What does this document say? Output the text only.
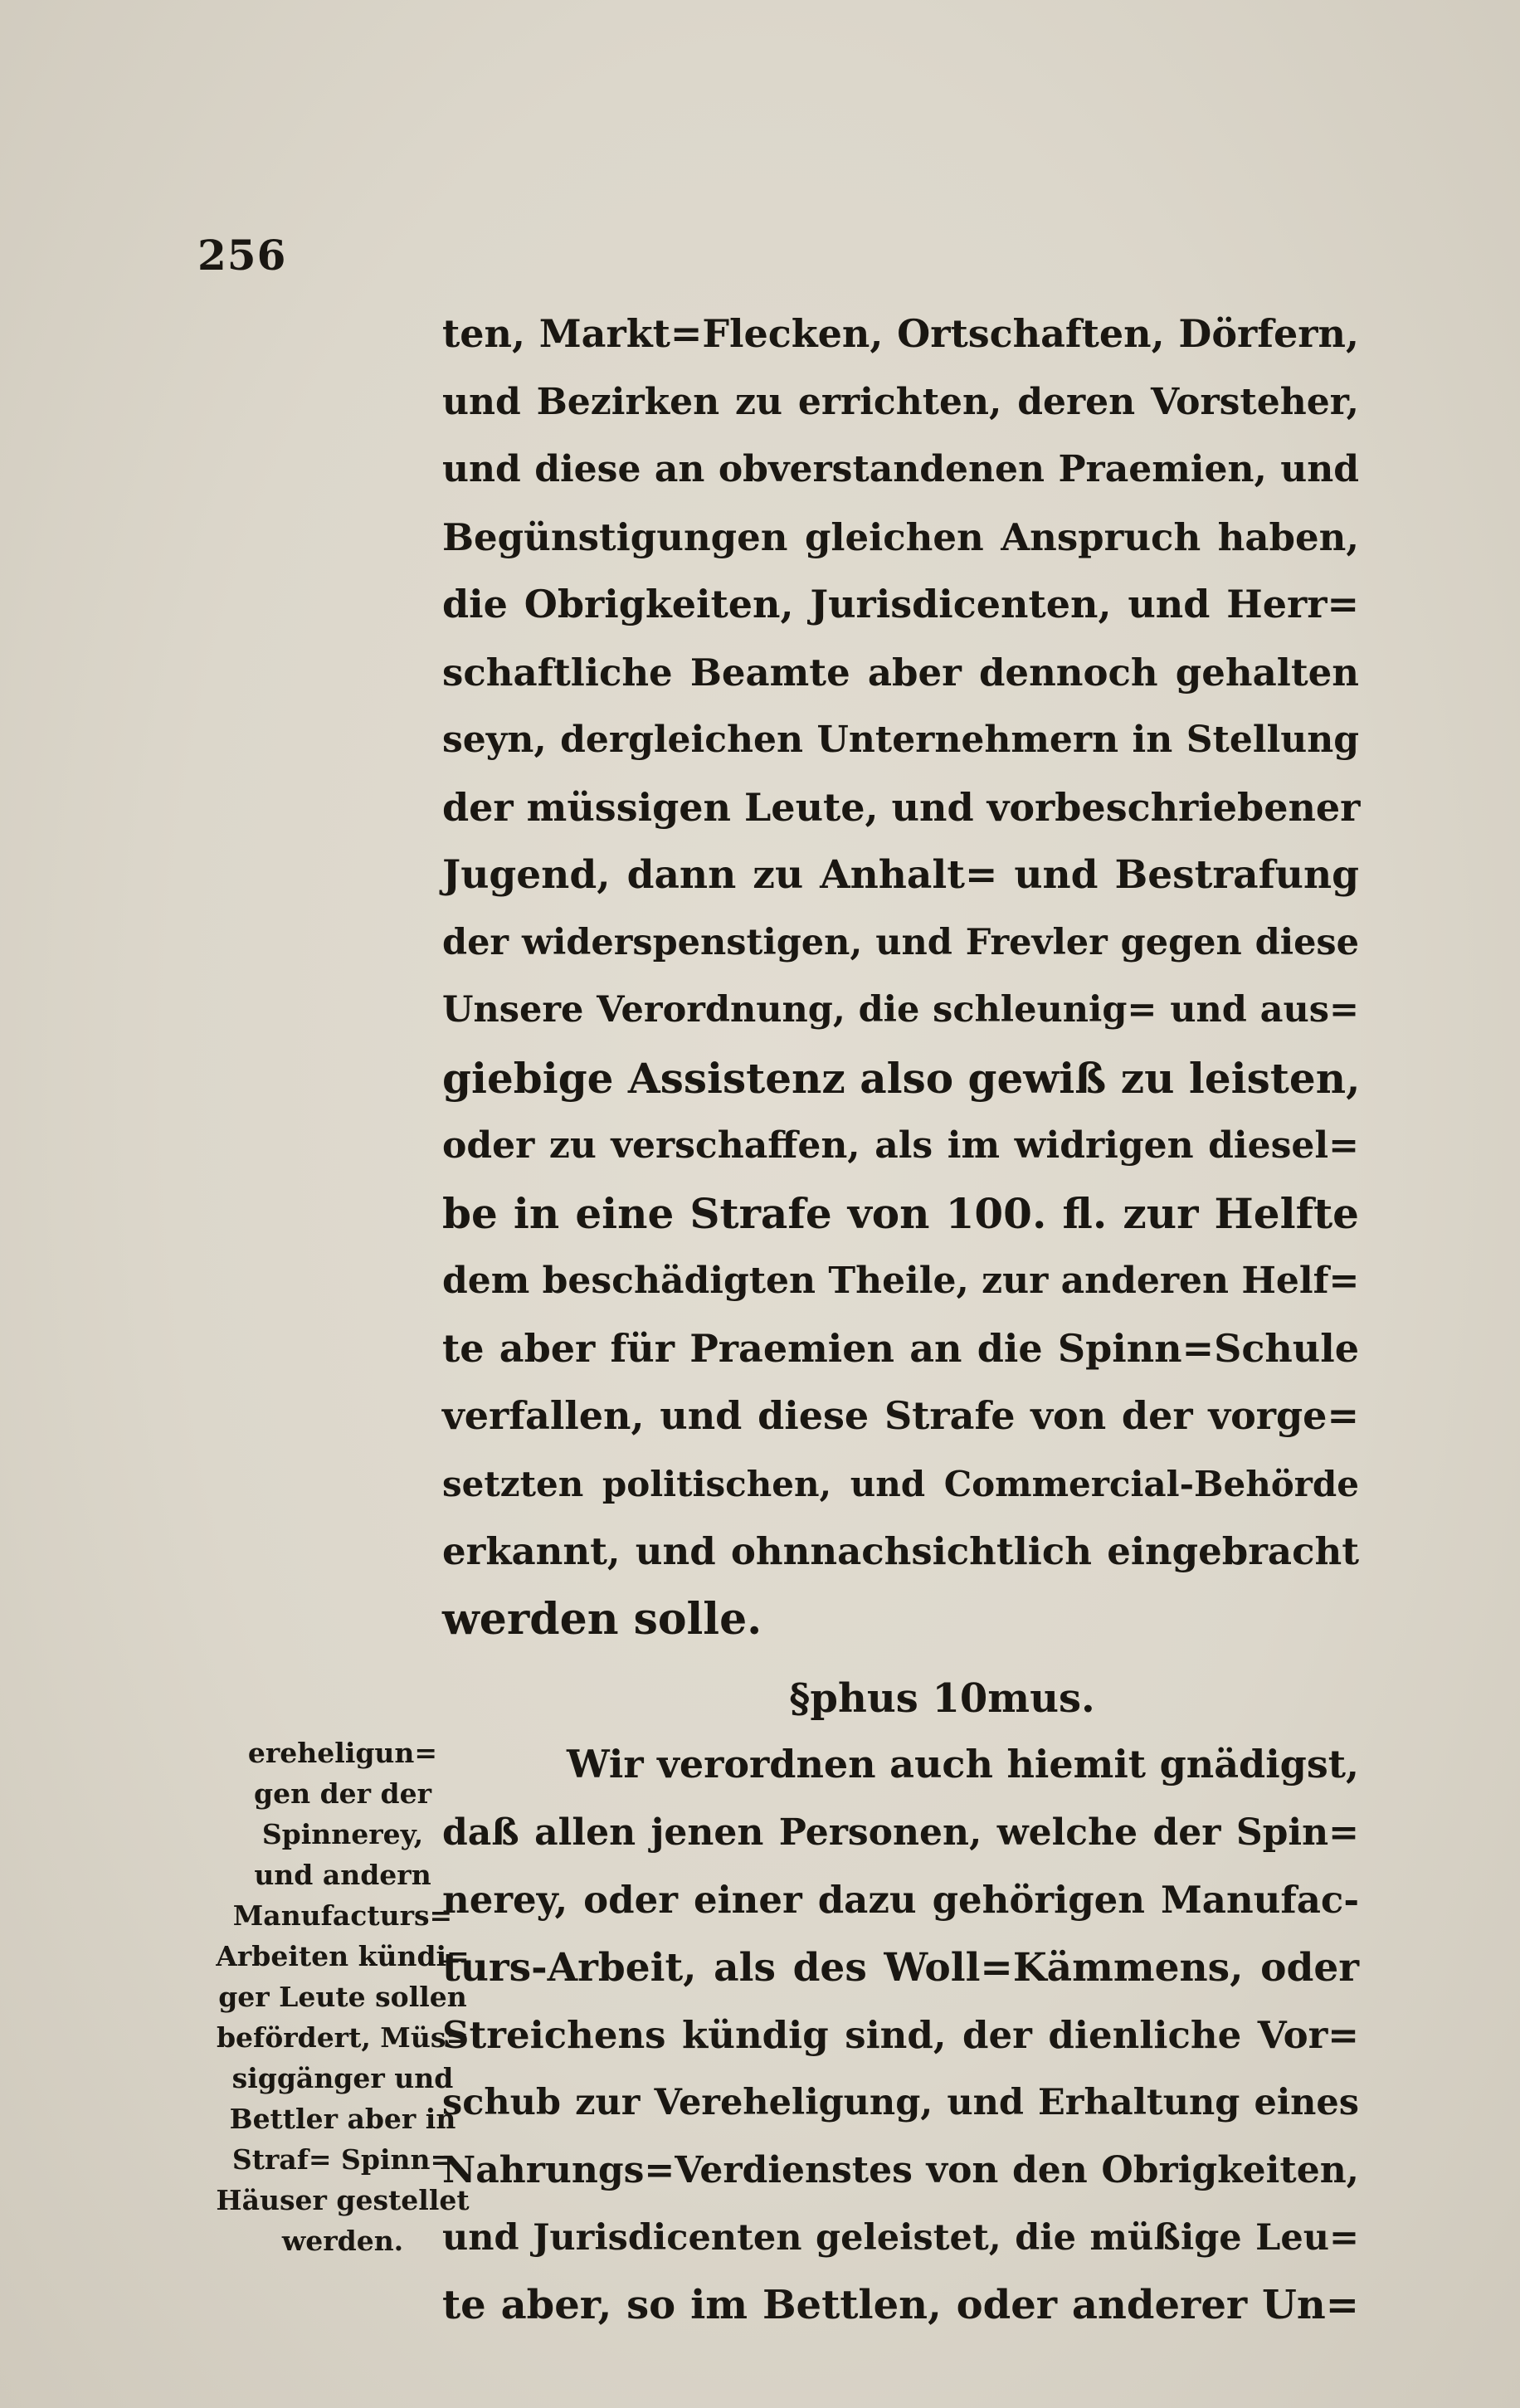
256
ten, Markt=Flecken, Ortschaften, Dörfern,
und Bezirken zu errichten, deren Vorsteher,
und diese an obverstandenen Praemien, und
Begünstigungen gleichen Anspruch haben,
die Obrigkeiten, Jurisdicenten, und Herr=
schaftliche Beamte aber dennoch gehalten
seyn, dergleichen Unternehmern in Stellung
der müssigen Leute, und vorbeschriebener
Jugend, dann zu Anhalt= und Bestrafung
der widerspenstigen, und Frevler gegen diese
Unsere Verordnung, die schleunig= und aus=
giebige Assistenz also gewiß zu leisten,
oder zu verschaffen, als im widrigen diesel=
be in eine Strafe von 100. fl. zur Helfte
dem beschädigten Theile, zur anderen Helf=
te aber für Praemien an die Spinn=Schule
verfallen, und diese Strafe von der vorge=
setzten politischen, und Commercial-Behörde
erkannt, und ohnnachsichtlich eingebracht
werden solle.
§phus 10mus.
Wir verordnen auch hiemit gnädigst,
daß allen jenen Personen, welche der Spin=
nerey, oder einer dazu gehörigen Manufac-
turs-Arbeit, als des Woll=Kämmens, oder
Streichens kündig sind, der dienliche Vor=
schub zur Vereheligung, und Erhaltung eines
Nahrungs=Verdienstes von den Obrigkeiten,
und Jurisdicenten geleistet, die müßige Leu=
te aber, so im Bettlen, oder anderer Un=
ereheligun=
gen der der
Spinnerey,
und andern
Manufacturs=
Arbeiten kündi=
ger Leute sollen
befördert, Müs=
siggänger und
Bettler aber in
Straf= Spinn=
Häuser gestellet
werden.
